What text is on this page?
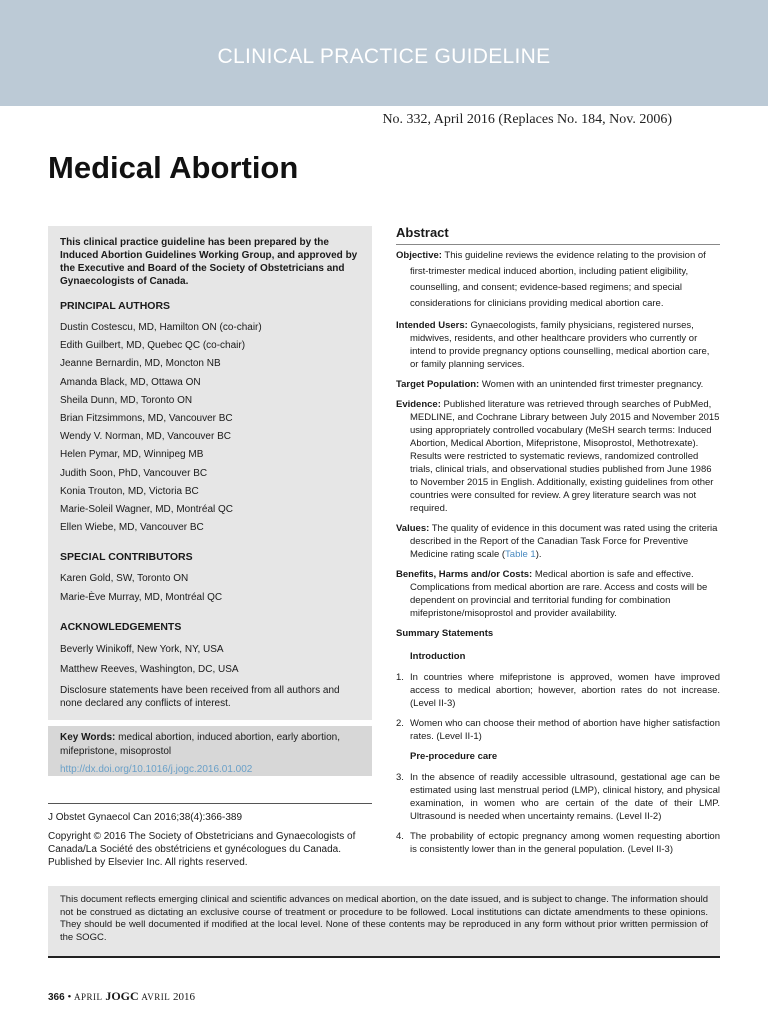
CLINICAL PRACTICE GUIDELINE
No. 332, April 2016 (Replaces No. 184, Nov. 2006)
Medical Abortion

This clinical practice guideline has been prepared by the Induced Abortion Guidelines Working Group, and approved by the Executive and Board of the Society of Obstetricians and Gynaecologists of Canada.

PRINCIPAL AUTHORS
Dustin Costescu, MD, Hamilton ON (co-chair)
Edith Guilbert, MD, Quebec QC (co-chair)
Jeanne Bernardin, MD, Moncton NB
Amanda Black, MD, Ottawa ON
Sheila Dunn, MD, Toronto ON
Brian Fitzsimmons, MD, Vancouver BC
Wendy V. Norman, MD, Vancouver BC
Helen Pymar, MD, Winnipeg MB
Judith Soon, PhD, Vancouver BC
Konia Trouton, MD, Victoria BC
Marie-Soleil Wagner, MD, Montréal QC
Ellen Wiebe, MD, Vancouver BC
SPECIAL CONTRIBUTORS
Karen Gold, SW, Toronto ON
Marie-Ève Murray, MD, Montréal QC
ACKNOWLEDGEMENTS
Beverly Winikoff, New York, NY, USA
Matthew Reeves, Washington, DC, USA

Disclosure statements have been received from all authors and none declared any conflicts of interest.

Key Words: medical abortion, induced abortion, early abortion, mifepristone, misoprostol
http://dx.doi.org/10.1016/j.jogc.2016.01.002

J Obstet Gynaecol Can 2016;38(4):366-389

Copyright © 2016 The Society of Obstetricians and Gynaecologists of Canada/La Société des obstétriciens et gynécologues du Canada. Published by Elsevier Inc. All rights reserved.

Abstract

Objective: This guideline reviews the evidence relating to the provision of first-trimester medical induced abortion, including patient eligibility, counselling, and consent; evidence-based regimens; and special considerations for clinicians providing medical abortion care.

Intended Users: Gynaecologists, family physicians, registered nurses, midwives, residents, and other healthcare providers who currently or intend to provide pregnancy options counselling, medical abortion care, or family planning services.

Target Population: Women with an unintended first trimester pregnancy.

Evidence: Published literature was retrieved through searches of PubMed, MEDLINE, and Cochrane Library between July 2015 and November 2015 using appropriately controlled vocabulary (MeSH search terms: Induced Abortion, Medical Abortion, Mifepristone, Misoprostol, Methotrexate). Results were restricted to systematic reviews, randomized controlled trials, clinical trials, and observational studies published from June 1986 to November 2015 in English. Additionally, existing guidelines from other countries were consulted for review. A grey literature search was not required.

Values: The quality of evidence in this document was rated using the criteria described in the Report of the Canadian Task Force for Preventive Medicine rating scale (Table 1).

Benefits, Harms and/or Costs: Medical abortion is safe and effective. Complications from medical abortion are rare. Access and costs will be dependent on provincial and territorial funding for combination mifepristone/misoprostol and provider availability.

Summary Statements
Introduction
1. In countries where mifepristone is approved, women have improved access to medical abortion; however, abortion rates do not increase. (Level II-3)
2. Women who can choose their method of abortion have higher satisfaction rates. (Level II-1)
Pre-procedure care
3. In the absence of readily accessible ultrasound, gestational age can be estimated using last menstrual period (LMP), clinical history, and physical examination, in women who are certain of the date of their LMP. Ultrasound is needed when uncertainty remains. (Level II-2)
4. The probability of ectopic pregnancy among women requesting abortion is consistently lower than in the general population. (Level II-3)
This document reflects emerging clinical and scientific advances on medical abortion, on the date issued, and is subject to change. The information should not be construed as dictating an exclusive course of treatment or procedure to be followed. Local institutions can dictate amendments to these opinions. They should be well documented if modified at the local level. None of these contents may be reproduced in any form without prior written permission of the SOGC.
366 • APRIL JOGC AVRIL 2016
